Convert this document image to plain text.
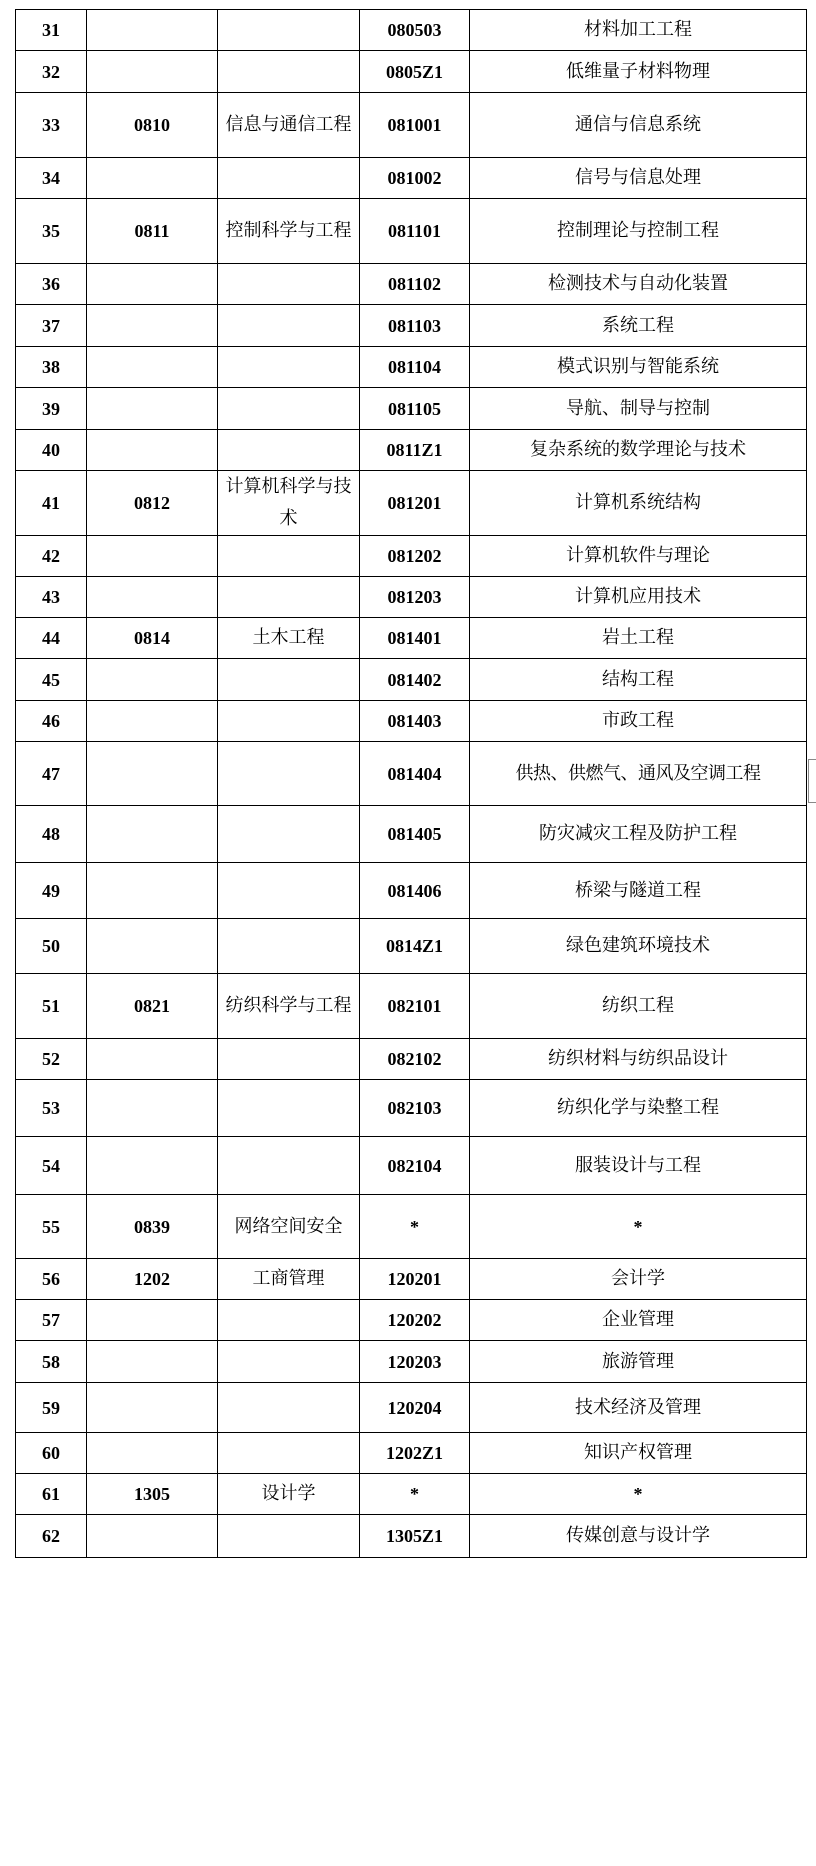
31			080503	材料加工工程
32			0805Z1	低维量子材料物理
33	0810	信息与通信工程	081001	通信与信息系统
34			081002	信号与信息处理
35	0811	控制科学与工程	081101	控制理论与控制工程
36			081102	检测技术与自动化装置
37			081103	系统工程
38			081104	模式识别与智能系统
39			081105	导航、制导与控制
40			0811Z1	复杂系统的数学理论与技术
41	0812	计算机科学与技术	081201	计算机系统结构
42			081202	计算机软件与理论
43			081203	计算机应用技术
44	0814	土木工程	081401	岩土工程
45			081402	结构工程
46			081403	市政工程
47			081404	供热、供燃气、通风及空调工程
48			081405	防灾减灾工程及防护工程
49			081406	桥梁与隧道工程
50			0814Z1	绿色建筑环境技术
51	0821	纺织科学与工程	082101	纺织工程
52			082102	纺织材料与纺织品设计
53			082103	纺织化学与染整工程
54			082104	服装设计与工程
55	0839	网络空间安全	*	*
56	1202	工商管理	120201	会计学
57			120202	企业管理
58			120203	旅游管理
59			120204	技术经济及管理
60			1202Z1	知识产权管理
61	1305	设计学	*	*
62			1305Z1	传媒创意与设计学
